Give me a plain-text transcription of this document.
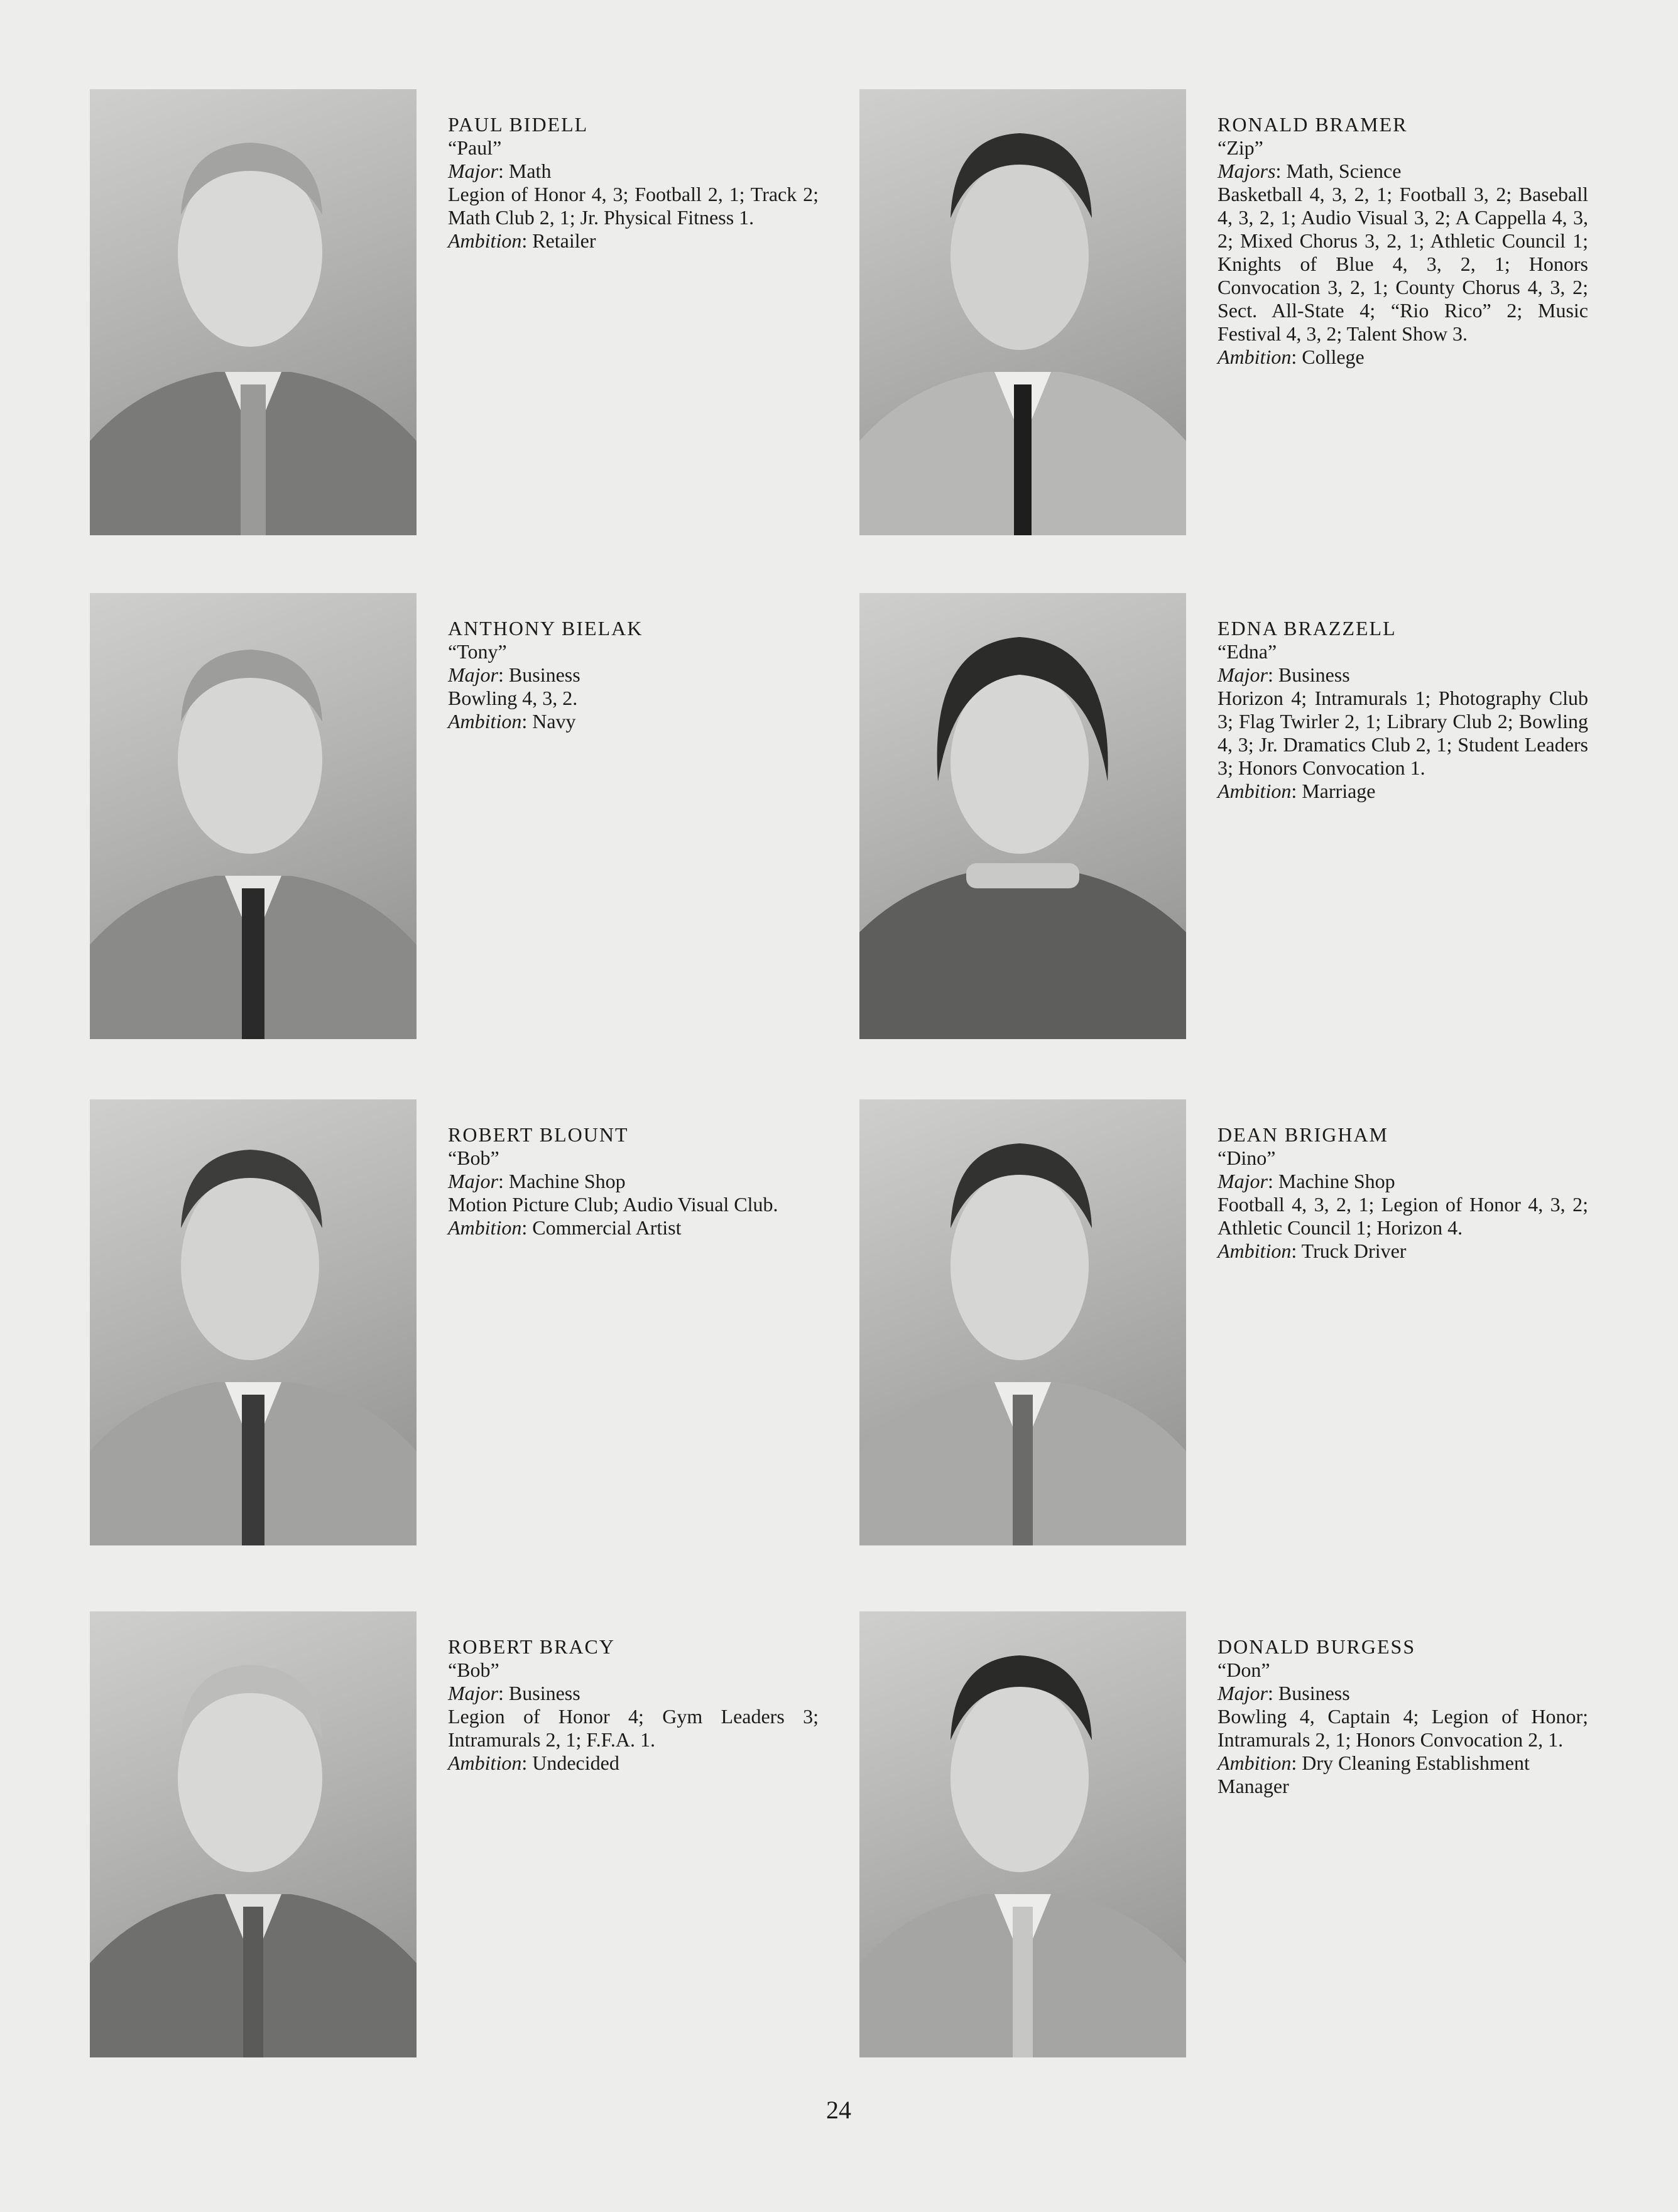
PAUL BIDELL
“Paul”
Major: Math
Legion of Honor 4, 3; Football 2, 1; Track 2; Math Club 2, 1; Jr. Physical Fitness 1.
Ambition: Retailer
ANTHONY BIELAK
“Tony”
Major: Business
Bowling 4, 3, 2.
Ambition: Navy
ROBERT BLOUNT
“Bob”
Major: Machine Shop
Motion Picture Club; Audio Visual Club.
Ambition: Commercial Artist
ROBERT BRACY
“Bob”
Major: Business
Legion of Honor 4; Gym Leaders 3; Intramurals 2, 1; F.F.A. 1.
Ambition: Undecided
RONALD BRAMER
“Zip”
Majors: Math, Science
Basketball 4, 3, 2, 1; Football 3, 2; Baseball 4, 3, 2, 1; Audio Visual 3, 2; A Cappella 4, 3, 2; Mixed Chorus 3, 2, 1; Athletic Council 1; Knights of Blue 4, 3, 2, 1; Honors Convocation 3, 2, 1; County Chorus 4, 3, 2; Sect. All-State 4; “Rio Rico” 2; Music Festival 4, 3, 2; Talent Show 3.
Ambition: College
EDNA BRAZZELL
“Edna”
Major: Business
Horizon 4; Intramurals 1; Photography Club 3; Flag Twirler 2, 1; Library Club 2; Bowling 4, 3; Jr. Dramatics Club 2, 1; Student Leaders 3; Honors Convocation 1.
Ambition: Marriage
DEAN BRIGHAM
“Dino”
Major: Machine Shop
Football 4, 3, 2, 1; Legion of Honor 4, 3, 2; Athletic Council 1; Horizon 4.
Ambition: Truck Driver
DONALD BURGESS
“Don”
Major: Business
Bowling 4, Captain 4; Legion of Honor; Intramurals 2, 1; Honors Convocation 2, 1.
Ambition: Dry Cleaning Establishment Manager
24
